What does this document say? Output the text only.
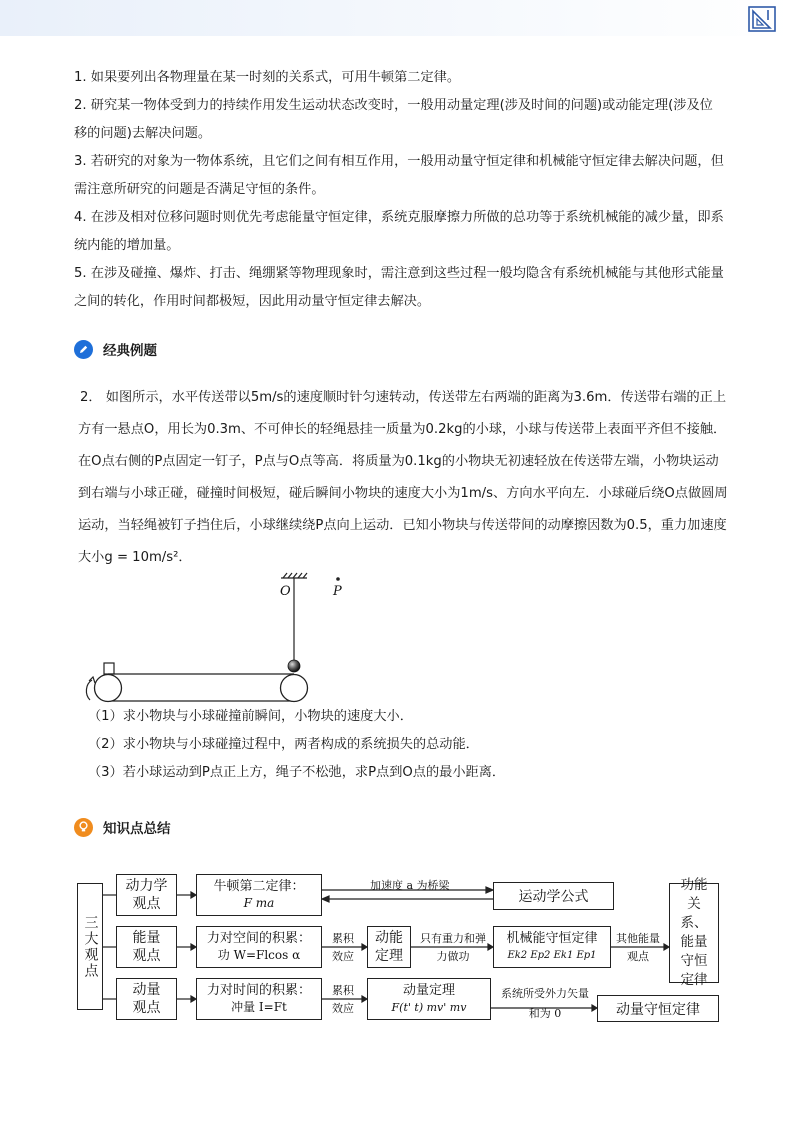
1. 如果要列出各物理量在某一时刻的关系式，可用牛顿第二定律。

2. 研究某一物体受到力的持续作用发生运动状态改变时，一般用动量定理(涉及时间的问题)或动能定理(涉及位移的问题)去解决问题。

3. 若研究的对象为一物体系统，且它们之间有相互作用，一般用动量守恒定律和机械能守恒定律去解决问题，但需注意所研究的问题是否满足守恒的条件。

4. 在涉及相对位移问题时则优先考虑能量守恒定律，系统克服摩擦力所做的总功等于系统机械能的减少量，即系统内能的增加量。

5. 在涉及碰撞、爆炸、打击、绳绷紧等物理现象时，需注意到这些过程一般均隐含有系统机械能与其他形式能量之间的转化，作用时间都极短，因此用动量守恒定律去解决。

经典例题

2． 如图所示，水平传送带以5m/s的速度顺时针匀速转动，传送带左右两端的距离为3.6m．传送带右端的正上方有一悬点O，用长为0.3m、不可伸长的轻绳悬挂一质量为0.2kg的小球，小球与传送带上表面平齐但不接触．在O点右侧的P点固定一钉子，P点与O点等高．将质量为0.1kg的小物块无初速轻放在传送带左端，小物块运动到右端与小球正碰，碰撞时间极短，碰后瞬间小物块的速度大小为1m/s、方向水平向左．小球碰后绕O点做圆周运动，当轻绳被钉子挡住后，小球继续绕P点向上运动．已知小物块与传送带间的动摩擦因数为0.5，重力加速度大小g = 10m/s²．

O	P
（1）求小物块与小球碰撞前瞬间，小物块的速度大小．
（2）求小物块与小球碰撞过程中，两者构成的系统损失的总动能．
（3）若小球运动到P点正上方，绳子不松弛，求P点到O点的最小距离．
知识点总结
三大观点
动力学观点
能量观点
动量观点
牛顿第二定律：
F ma
力对空间的积累：
功 W=Flcos α
力对时间的积累：
冲量 I=Ft
加速度 a 为桥梁
运动学公式
累积效应
累积效应
动能定理
只有重力和弹力做功
机械能守恒定律
Ek2 Ep2 Ek1 Ep1
其他能量观点
功能关系、能量守恒定律
动量定理
F(t' t) mv' mv
系统所受外力矢量和为 0	动量守恒定律
